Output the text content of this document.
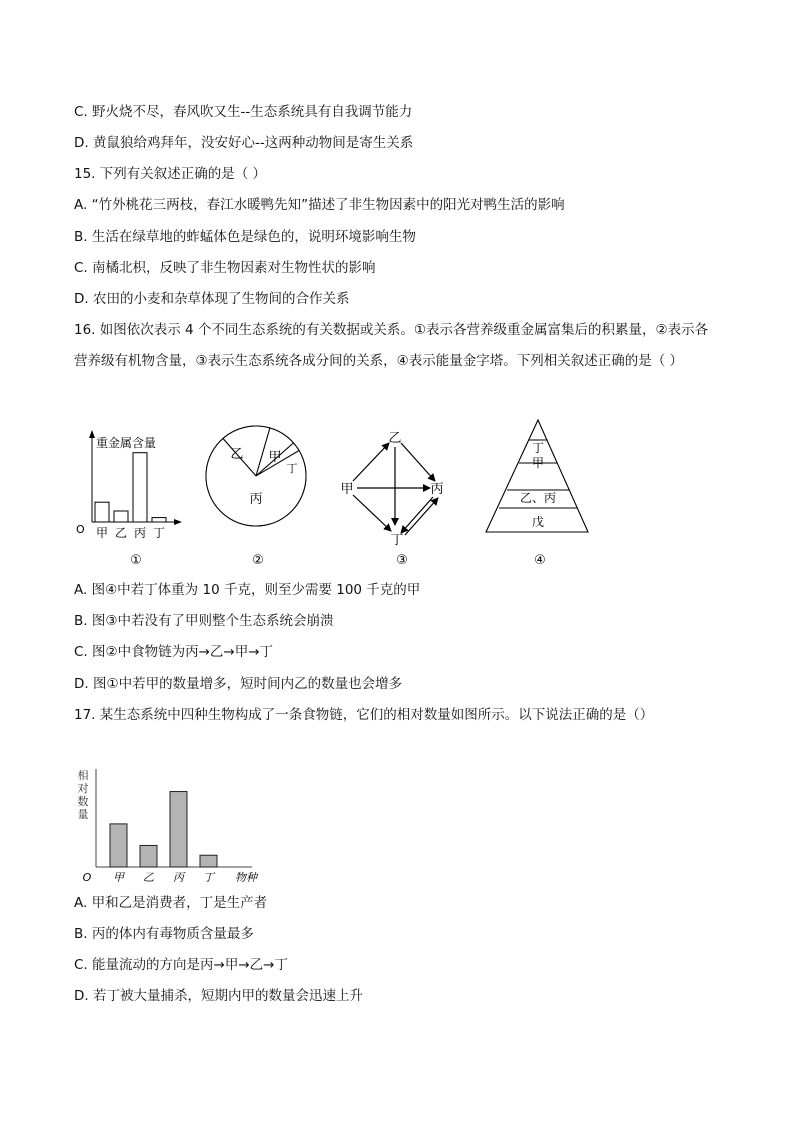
C. 野火烧不尽，春风吹又生--生态系统具有自我调节能力
D. 黄鼠狼给鸡拜年，没安好心--这两种动物间是寄生关系
15. 下列有关叙述正确的是（ ）
A. “竹外桃花三两枝，春江水暖鸭先知”描述了非生物因素中的阳光对鸭生活的影响
B. 生活在绿草地的蚱蜢体色是绿色的，说明环境影响生物
C. 南橘北枳，反映了非生物因素对生物性状的影响
D. 农田的小麦和杂草体现了生物间的合作关系
16. 如图依次表示 4 个不同生态系统的有关数据或关系。①表示各营养级重金属富集后的积累量，②表示各
营养级有机物含量，③表示生态系统各成分间的关系，④表示能量金字塔。下列相关叙述正确的是（ ）
重金属含量
O 甲 乙 丙 丁
①
乙 甲
丁
丙
②
乙
甲	丙
丁
③
丁
甲
乙、丙
戊
④
A. 图④中若丁体重为 10 千克，则至少需要 100 千克的甲
B. 图③中若没有了甲则整个生态系统会崩溃
C. 图②中食物链为丙→乙→甲→丁
D. 图①中若甲的数量增多，短时间内乙的数量也会增多
17. 某生态系统中四种生物构成了一条食物链，它们的相对数量如图所示。以下说法正确的是（）
相
对
数
量
甲 乙 丙 丁
O	物种
A. 甲和乙是消费者，丁是生产者
B. 丙的体内有毒物质含量最多
C. 能量流动的方向是丙→甲→乙→丁
D. 若丁被大量捕杀，短期内甲的数量会迅速上升
